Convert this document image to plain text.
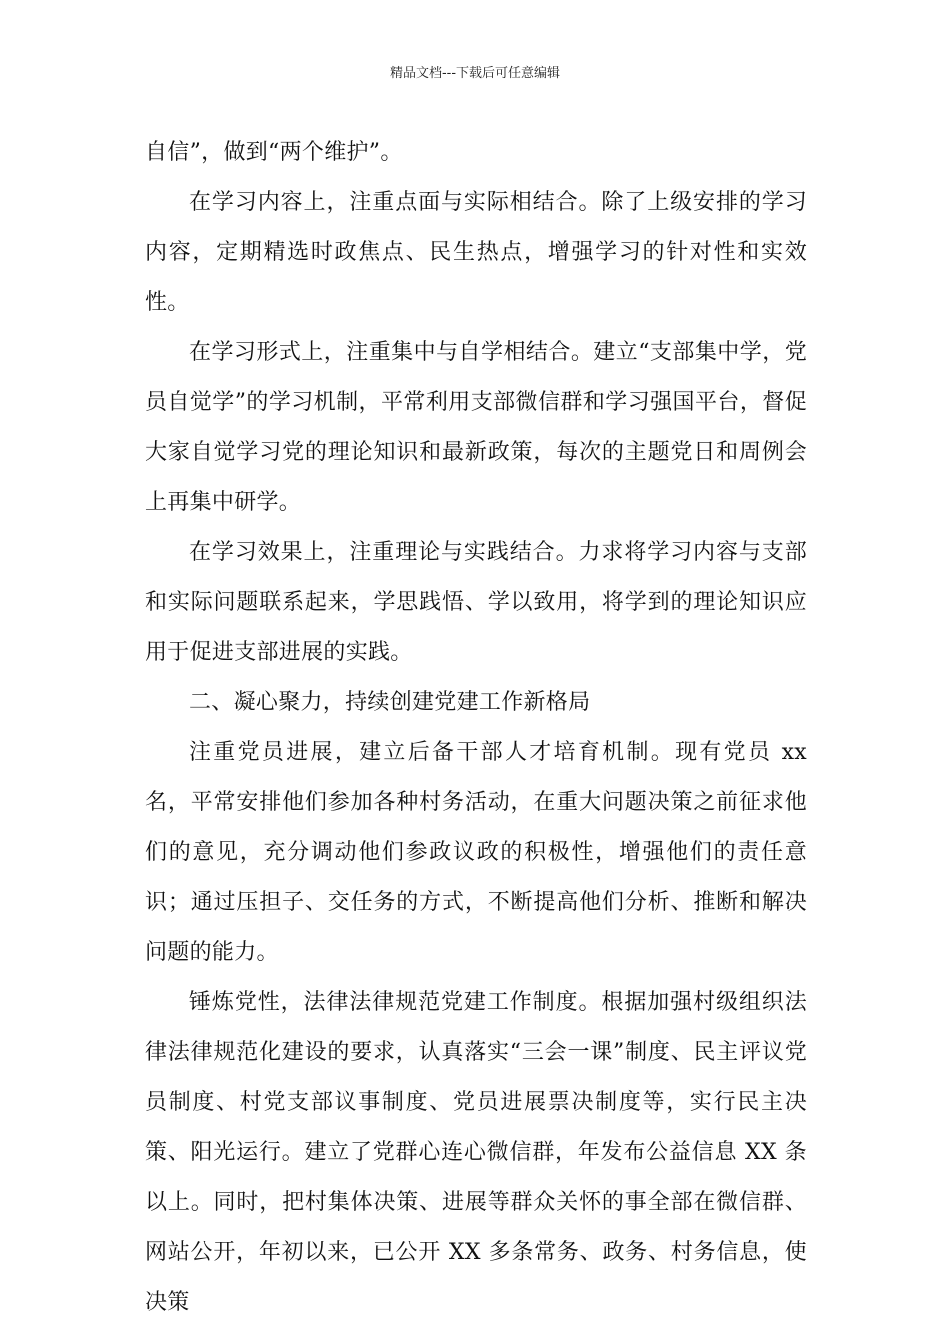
精品文档---下载后可任意编辑

自信”，做到“两个维护”。

在学习内容上，注重点面与实际相结合。除了上级安排的学习内容，定期精选时政焦点、民生热点，增强学习的针对性和实效性。

在学习形式上，注重集中与自学相结合。建立“支部集中学，党员自觉学”的学习机制，平常利用支部微信群和学习强国平台，督促大家自觉学习党的理论知识和最新政策，每次的主题党日和周例会上再集中研学。

在学习效果上，注重理论与实践结合。力求将学习内容与支部和实际问题联系起来，学思践悟、学以致用，将学到的理论知识应用于促进支部进展的实践。

二、凝心聚力，持续创建党建工作新格局

注重党员进展，建立后备干部人才培育机制。现有党员 xx 名，平常安排他们参加各种村务活动，在重大问题决策之前征求他们的意见，充分调动他们参政议政的积极性，增强他们的责任意识；通过压担子、交任务的方式，不断提高他们分析、推断和解决问题的能力。

锤炼党性，法律法律规范党建工作制度。根据加强村级组织法律法律规范化建设的要求，认真落实“三会一课”制度、民主评议党员制度、村党支部议事制度、党员进展票决制度等，实行民主决策、阳光运行。建立了党群心连心微信群，年发布公益信息 XX 条以上。同时，把村集体决策、进展等群众关怀的事全部在微信群、网站公开，年初以来，已公开 XX 多条常务、政务、村务信息，使决策
